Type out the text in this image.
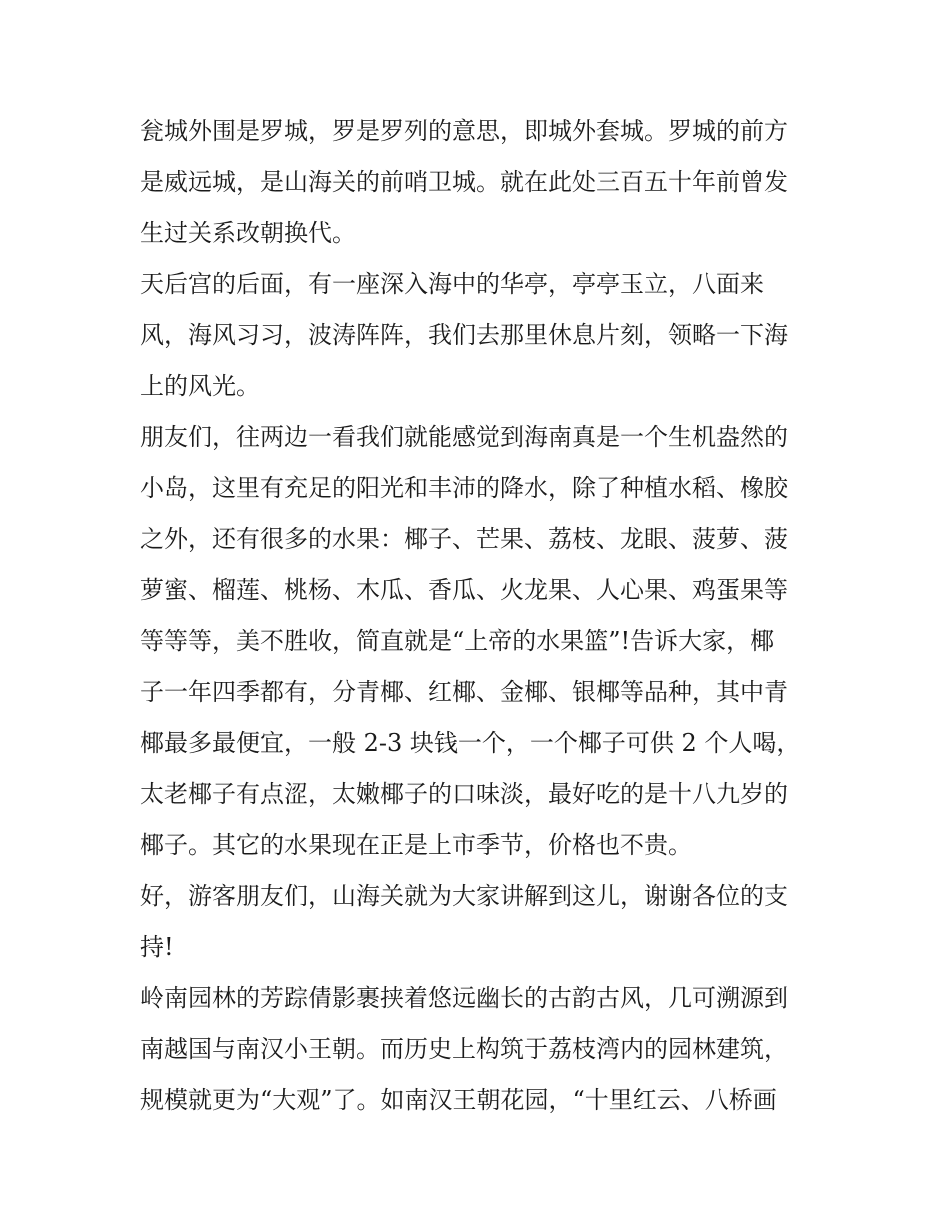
瓮城外围是罗城，罗是罗列的意思，即城外套城。罗城的前方
是威远城，是山海关的前哨卫城。就在此处三百五十年前曾发
生过关系改朝换代。
天后宫的后面，有一座深入海中的华亭，亭亭玉立，八面来
风，海风习习，波涛阵阵，我们去那里休息片刻，领略一下海
上的风光。
朋友们，往两边一看我们就能感觉到海南真是一个生机盎然的
小岛，这里有充足的阳光和丰沛的降水，除了种植水稻、橡胶
之外，还有很多的水果：椰子、芒果、荔枝、龙眼、菠萝、菠
萝蜜、榴莲、桃杨、木瓜、香瓜、火龙果、人心果、鸡蛋果等
等等等，美不胜收，简直就是“上帝的水果篮”!告诉大家，椰
子一年四季都有，分青椰、红椰、金椰、银椰等品种，其中青
椰最多最便宜，一般 2-3 块钱一个，一个椰子可供 2 个人喝，
太老椰子有点涩，太嫩椰子的口味淡，最好吃的是十八九岁的
椰子。其它的水果现在正是上市季节，价格也不贵。
好，游客朋友们，山海关就为大家讲解到这儿，谢谢各位的支
持!
岭南园林的芳踪倩影裹挟着悠远幽长的古韵古风，几可溯源到
南越国与南汉小王朝。而历史上构筑于荔枝湾内的园林建筑，
规模就更为“大观”了。如南汉王朝花园，“十里红云、八桥画
